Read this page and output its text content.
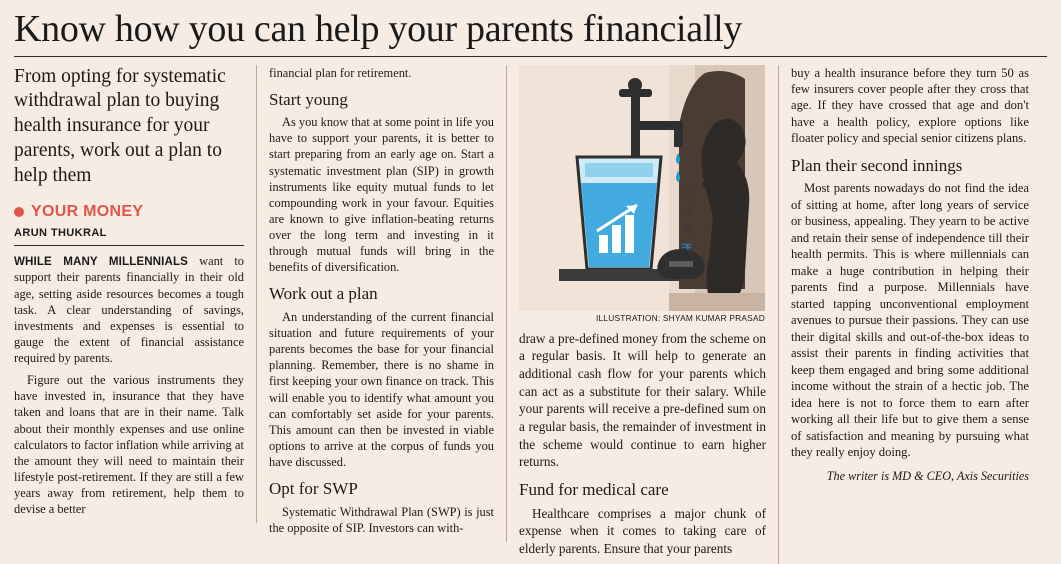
Know how you can help your parents financially
From opting for systematic withdrawal plan to buying health insurance for your parents, work out a plan to help them
YOUR MONEY
ARUN THUKRAL

WHILE MANY MILLENNIALS want to support their parents financially in their old age, setting aside resources becomes a tough task. A clear understanding of savings, investments and expenses is essential to gauge the extent of financial assistance required by parents.

Figure out the various instruments they have invested in, insurance that they have taken and loans that are in their name. Talk about their monthly expenses and use online calculators to factor inflation while arriving at the amount they will need to maintain their lifestyle post-retirement. If they are still a few years away from retirement, help them to devise a better

financial plan for retirement.

Start young

As you know that at some point in life you have to support your parents, it is better to start preparing from an early age on. Start a systematic investment plan (SIP) in growth instruments like equity mutual funds to let compounding work in your favour. Equities are known to give inflation-beating returns over the long term and investing in it through mutual funds will bring in the benefits of diversification.

Work out a plan

An understanding of the current financial situation and future requirements of your parents becomes the base for your financial planning. Remember, there is no shame in first keeping your own finance on track. This will enable you to identify what amount you can comfortably set aside for your parents. This amount can then be invested in viable options to arrive at the corpus of funds you have discussed.

Opt for SWP

Systematic Withdrawal Plan (SWP) is just the opposite of SIP. Investors can with-

₹
₹
₹
ILLUSTRATION: SHYAM KUMAR PRASAD

draw a pre-defined money from the scheme on a regular basis. It will help to generate an additional cash flow for your parents which can act as a substitute for their salary. While your parents will receive a pre-defined sum on a regular basis, the remainder of investment in the scheme would continue to earn higher returns.

Fund for medical care

Healthcare comprises a major chunk of expense when it comes to taking care of elderly parents. Ensure that your parents

buy a health insurance before they turn 50 as few insurers cover people after they cross that age. If they have crossed that age and don't have a health policy, explore options like floater policy and special senior citizens plans.

Plan their second innings

Most parents nowadays do not find the idea of sitting at home, after long years of service or business, appealing. They yearn to be active and retain their sense of independence till their health permits. This is where millennials can make a huge contribution in helping their parents find a purpose. Millennials have started tapping unconventional employment avenues to pursue their passions. They can use their digital skills and out-of-the-box ideas to assist their parents in finding activities that keep them engaged and bring some additional income without the strain of a hectic job. The idea here is not to force them to earn after working all their life but to give them a sense of satisfaction and meaning by pursuing what they really enjoy doing.

The writer is MD & CEO, Axis Securities
